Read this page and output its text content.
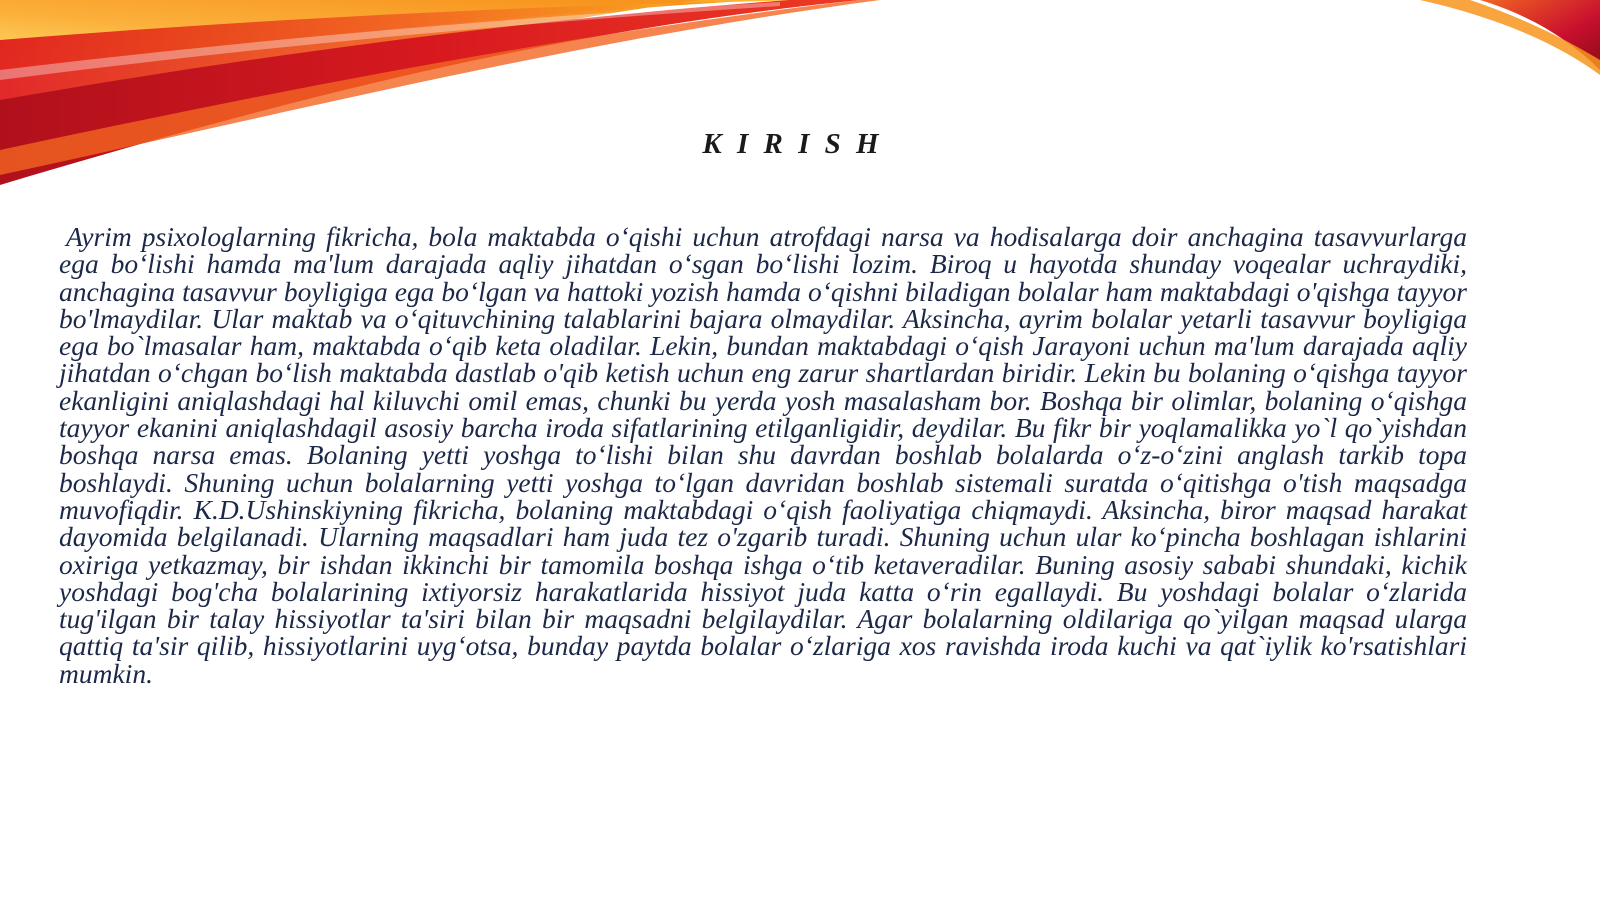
K I R I S H

Ayrim psixologlarning fikricha, bola maktabda o‘qishi uchun atrofdagi narsa va hodisalarga doir anchagina tasavvurlarga ega bo‘lishi hamda ma'lum darajada aqliy jihatdan o‘sgan bo‘lishi lozim. Biroq u hayotda shunday voqealar uchraydiki, anchagina tasavvur boyligiga ega bo‘lgan va hattoki yozish hamda o‘qishni biladigan bolalar ham maktabdagi o'qishga tayyor bo'lmaydilar. Ular maktab va o‘qituvchining talablarini bajara olmaydilar. Aksincha, ayrim bolalar yetarli tasavvur boyligiga ega bo`lmasalar ham, maktabda o‘qib keta oladilar. Lekin, bundan maktabdagi o‘qish Jarayoni uchun ma'lum darajada aqliy jihatdan o‘chgan bo‘lish maktabda dastlab o'qib ketish uchun eng zarur shartlardan biridir. Lekin bu bolaning o‘qishga tayyor ekanligini aniqlashdagi hal kiluvchi omil emas, chunki bu yerda yosh masalasham bor. Boshqa bir olimlar, bolaning o‘qishga tayyor ekanini aniqlashdagil asosiy barcha iroda sifatlarining etilganligidir, deydilar. Bu fikr bir yoqlamalikka yo`l qo`yishdan boshqa narsa emas. Bolaning yetti yoshga to‘lishi bilan shu davrdan boshlab bolalarda o‘z-o‘zini anglash tarkib topa boshlaydi. Shuning uchun bolalarning yetti yoshga to‘lgan davridan boshlab sistemali suratda o‘qitishga o'tish maqsadga muvofiqdir. K.D.Ushinskiyning fikricha, bolaning maktabdagi o‘qish faoliyatiga chiqmaydi. Aksincha, biror maqsad harakat dayomida belgilanadi. Ularning maqsadlari ham juda tez o'zgarib turadi. Shuning uchun ular ko‘pincha boshlagan ishlarini oxiriga yetkazmay, bir ishdan ikkinchi bir tamomila boshqa ishga o‘tib ketaveradilar. Buning asosiy sababi shundaki, kichik yoshdagi bog'cha bolalarining ixtiyorsiz harakatlarida hissiyot juda katta o‘rin egallaydi. Bu yoshdagi bolalar o‘zlarida tug'ilgan bir talay hissiyotlar ta'siri bilan bir maqsadni belgilaydilar. Agar bolalarning oldilariga qo`yilgan maqsad ularga qattiq ta'sir qilib, hissiyotlarini uyg‘otsa, bunday paytda bolalar o‘zlariga xos ravishda iroda kuchi va qat`iylik ko'rsatishlari mumkin.
